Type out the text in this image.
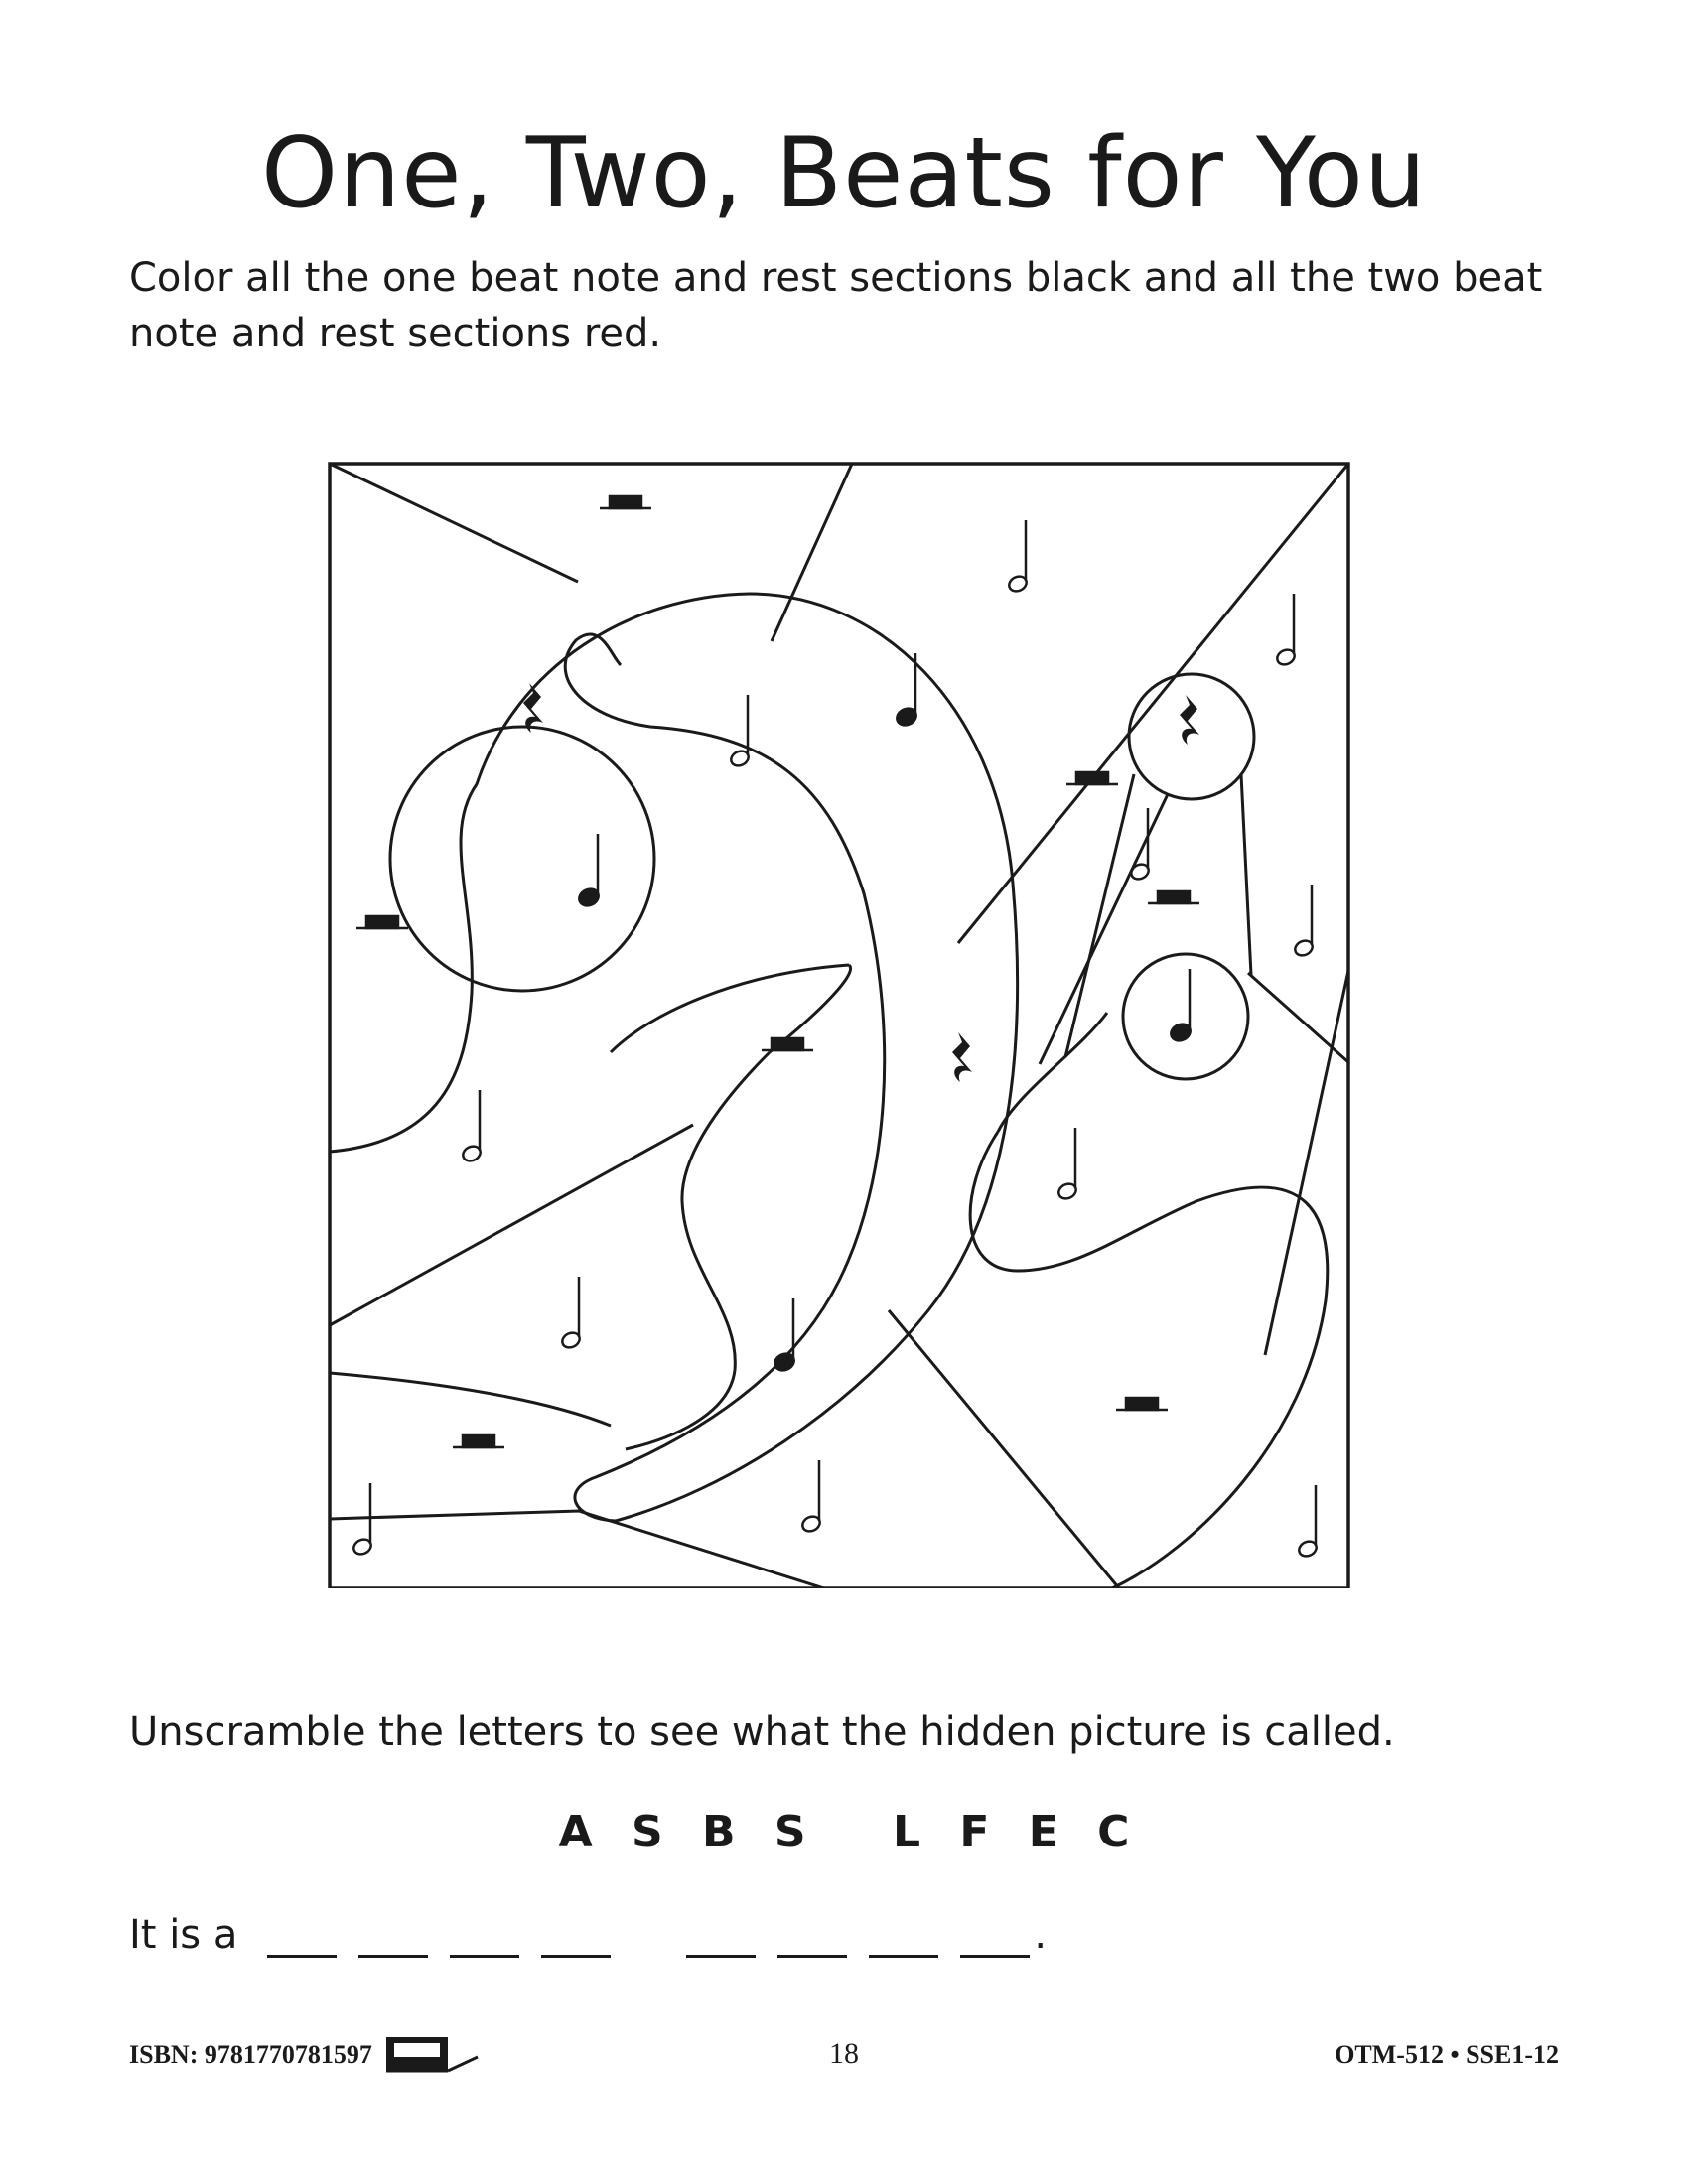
One, Two, Beats for You

Color all the one beat note and rest sections black and all the two beat note and rest sections red.

Unscramble the letters to see what the hidden picture is called.

A S B S L F E C
It is a	.
ISBN: 9781770781597	18	OTM-512 • SSE1-12
